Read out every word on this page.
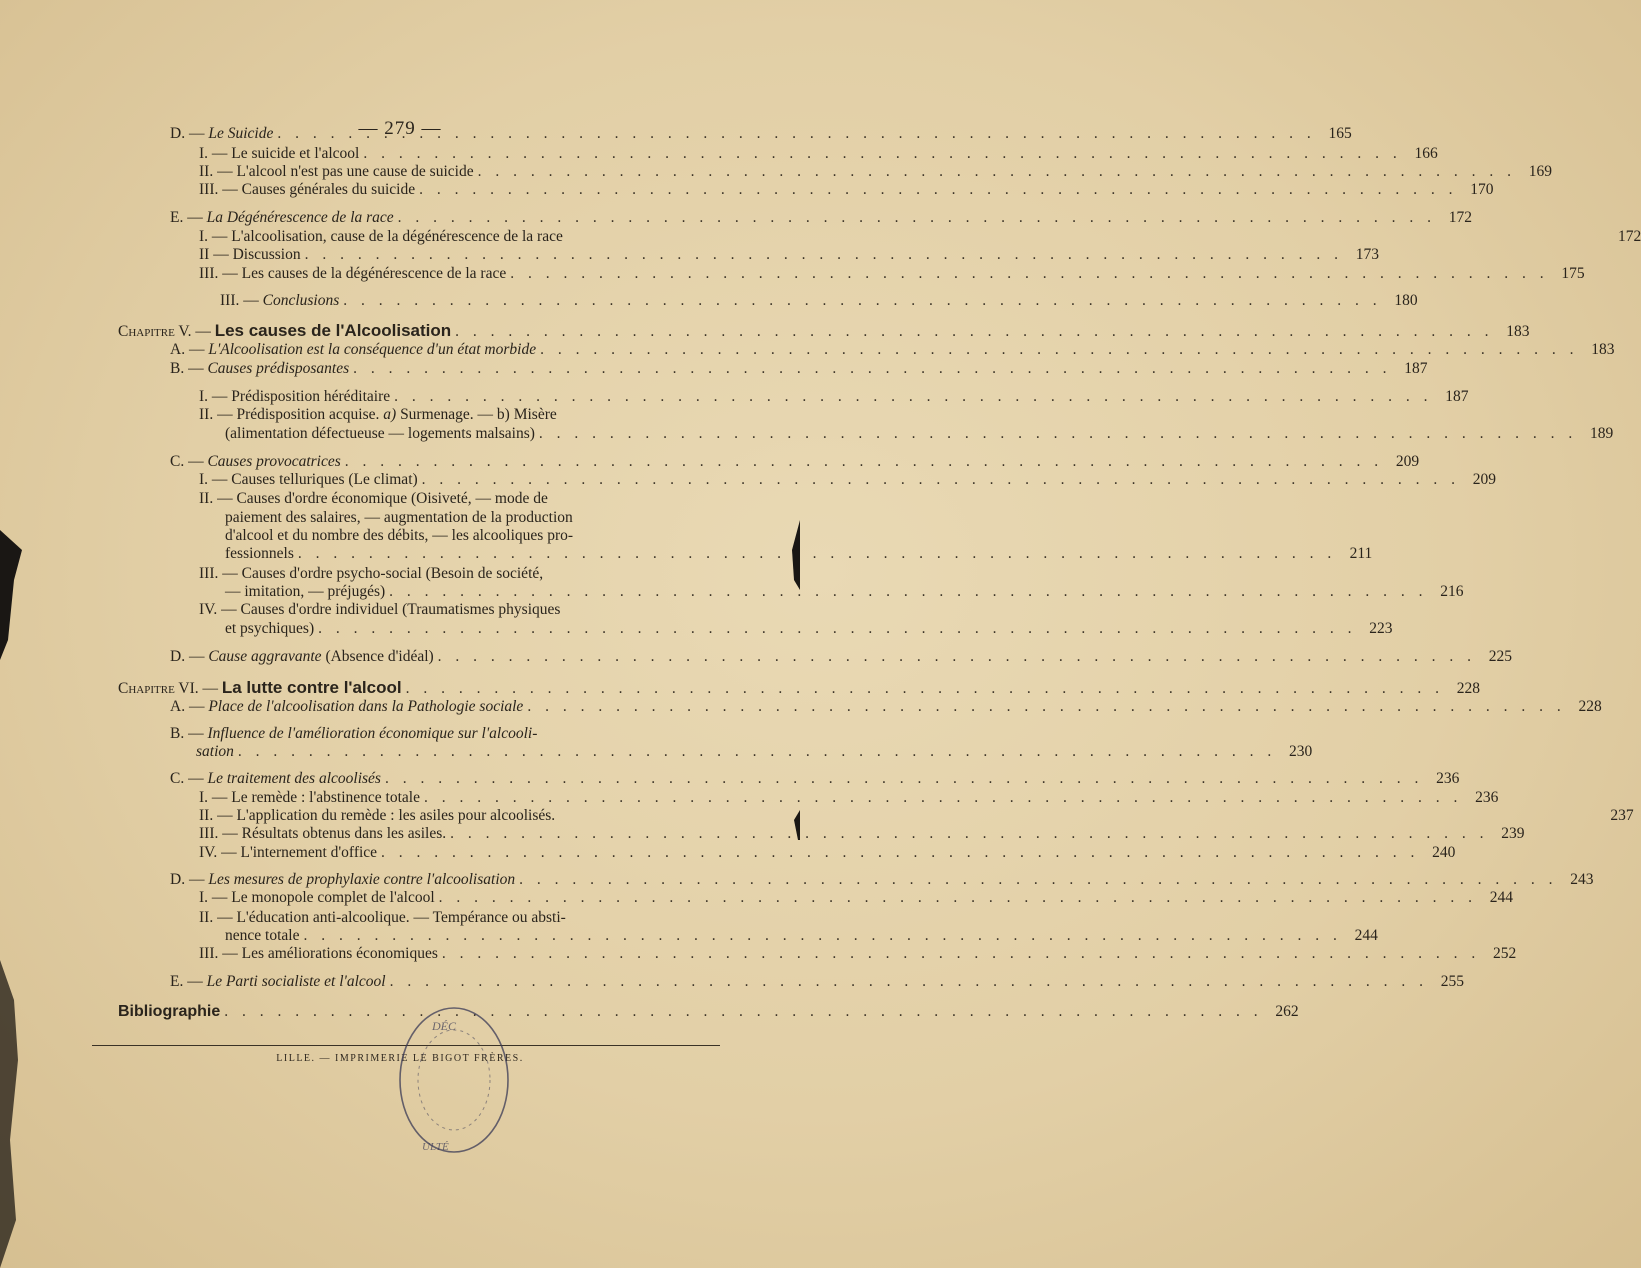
— 279 —
D. — Le Suicide . . .	165
I. — Le suicide et l'alcool . . .	166
II. — L'alcool n'est pas une cause de suicide . . .	169
III. — Causes générales du suicide . . .	170
E. — La Dégénérescence de la race . . .	172
I. — L'alcoolisation, cause de la dégénérescence de la race	172
II — Discussion . . .	173
III. — Les causes de la dégénérescence de la race . . .	175
III. — Conclusions . . .	180
Chapitre V. — Les causes de l'Alcoolisation . . .	183
A. — L'Alcoolisation est la conséquence d'un état morbide . . .	183
B. — Causes prédisposantes . . .	187
I. — Prédisposition héréditaire . . .	187
II. — Prédisposition acquise. a) Surmenage. — b) Misère
(alimentation défectueuse — logements malsains) . . .	189
C. — Causes provocatrices . . .	209
I. — Causes telluriques (Le climat) . . .	209
II. — Causes d'ordre économique (Oisiveté, — mode de
paiement des salaires, — augmentation de la production
d'alcool et du nombre des débits, — les alcooliques pro-
fessionnels . . .	211
III. — Causes d'ordre psycho-social (Besoin de société,
— imitation, — préjugés) . . .	216
IV. — Causes d'ordre individuel (Traumatismes physiques
et psychiques) . . .	223
D. — Cause aggravante (Absence d'idéal) . . .	225
Chapitre VI. — La lutte contre l'alcool . . .	228
A. — Place de l'alcoolisation dans la Pathologie sociale . . .	228
B. — Influence de l'amélioration économique sur l'alcooli-
sation . . .	230
C. — Le traitement des alcoolisés . . .	236
I. — Le remède : l'abstinence totale . . .	236
II. — L'application du remède : les asiles pour alcoolisés.	237
III. — Résultats obtenus dans les asiles. . . .	239
IV. — L'internement d'office . . .	240
D. — Les mesures de prophylaxie contre l'alcoolisation . . .	243
I. — Le monopole complet de l'alcool . . .	244
II. — L'éducation anti-alcoolique. — Tempérance ou absti-
nence totale . . .	244
III. — Les améliorations économiques . . .	252
E. — Le Parti socialiste et l'alcool . . .	255
Bibliographie . . .	262
LILLE. — IMPRIMERIE LE BIGOT FRÈRES.
DÉC
ULTÉ
